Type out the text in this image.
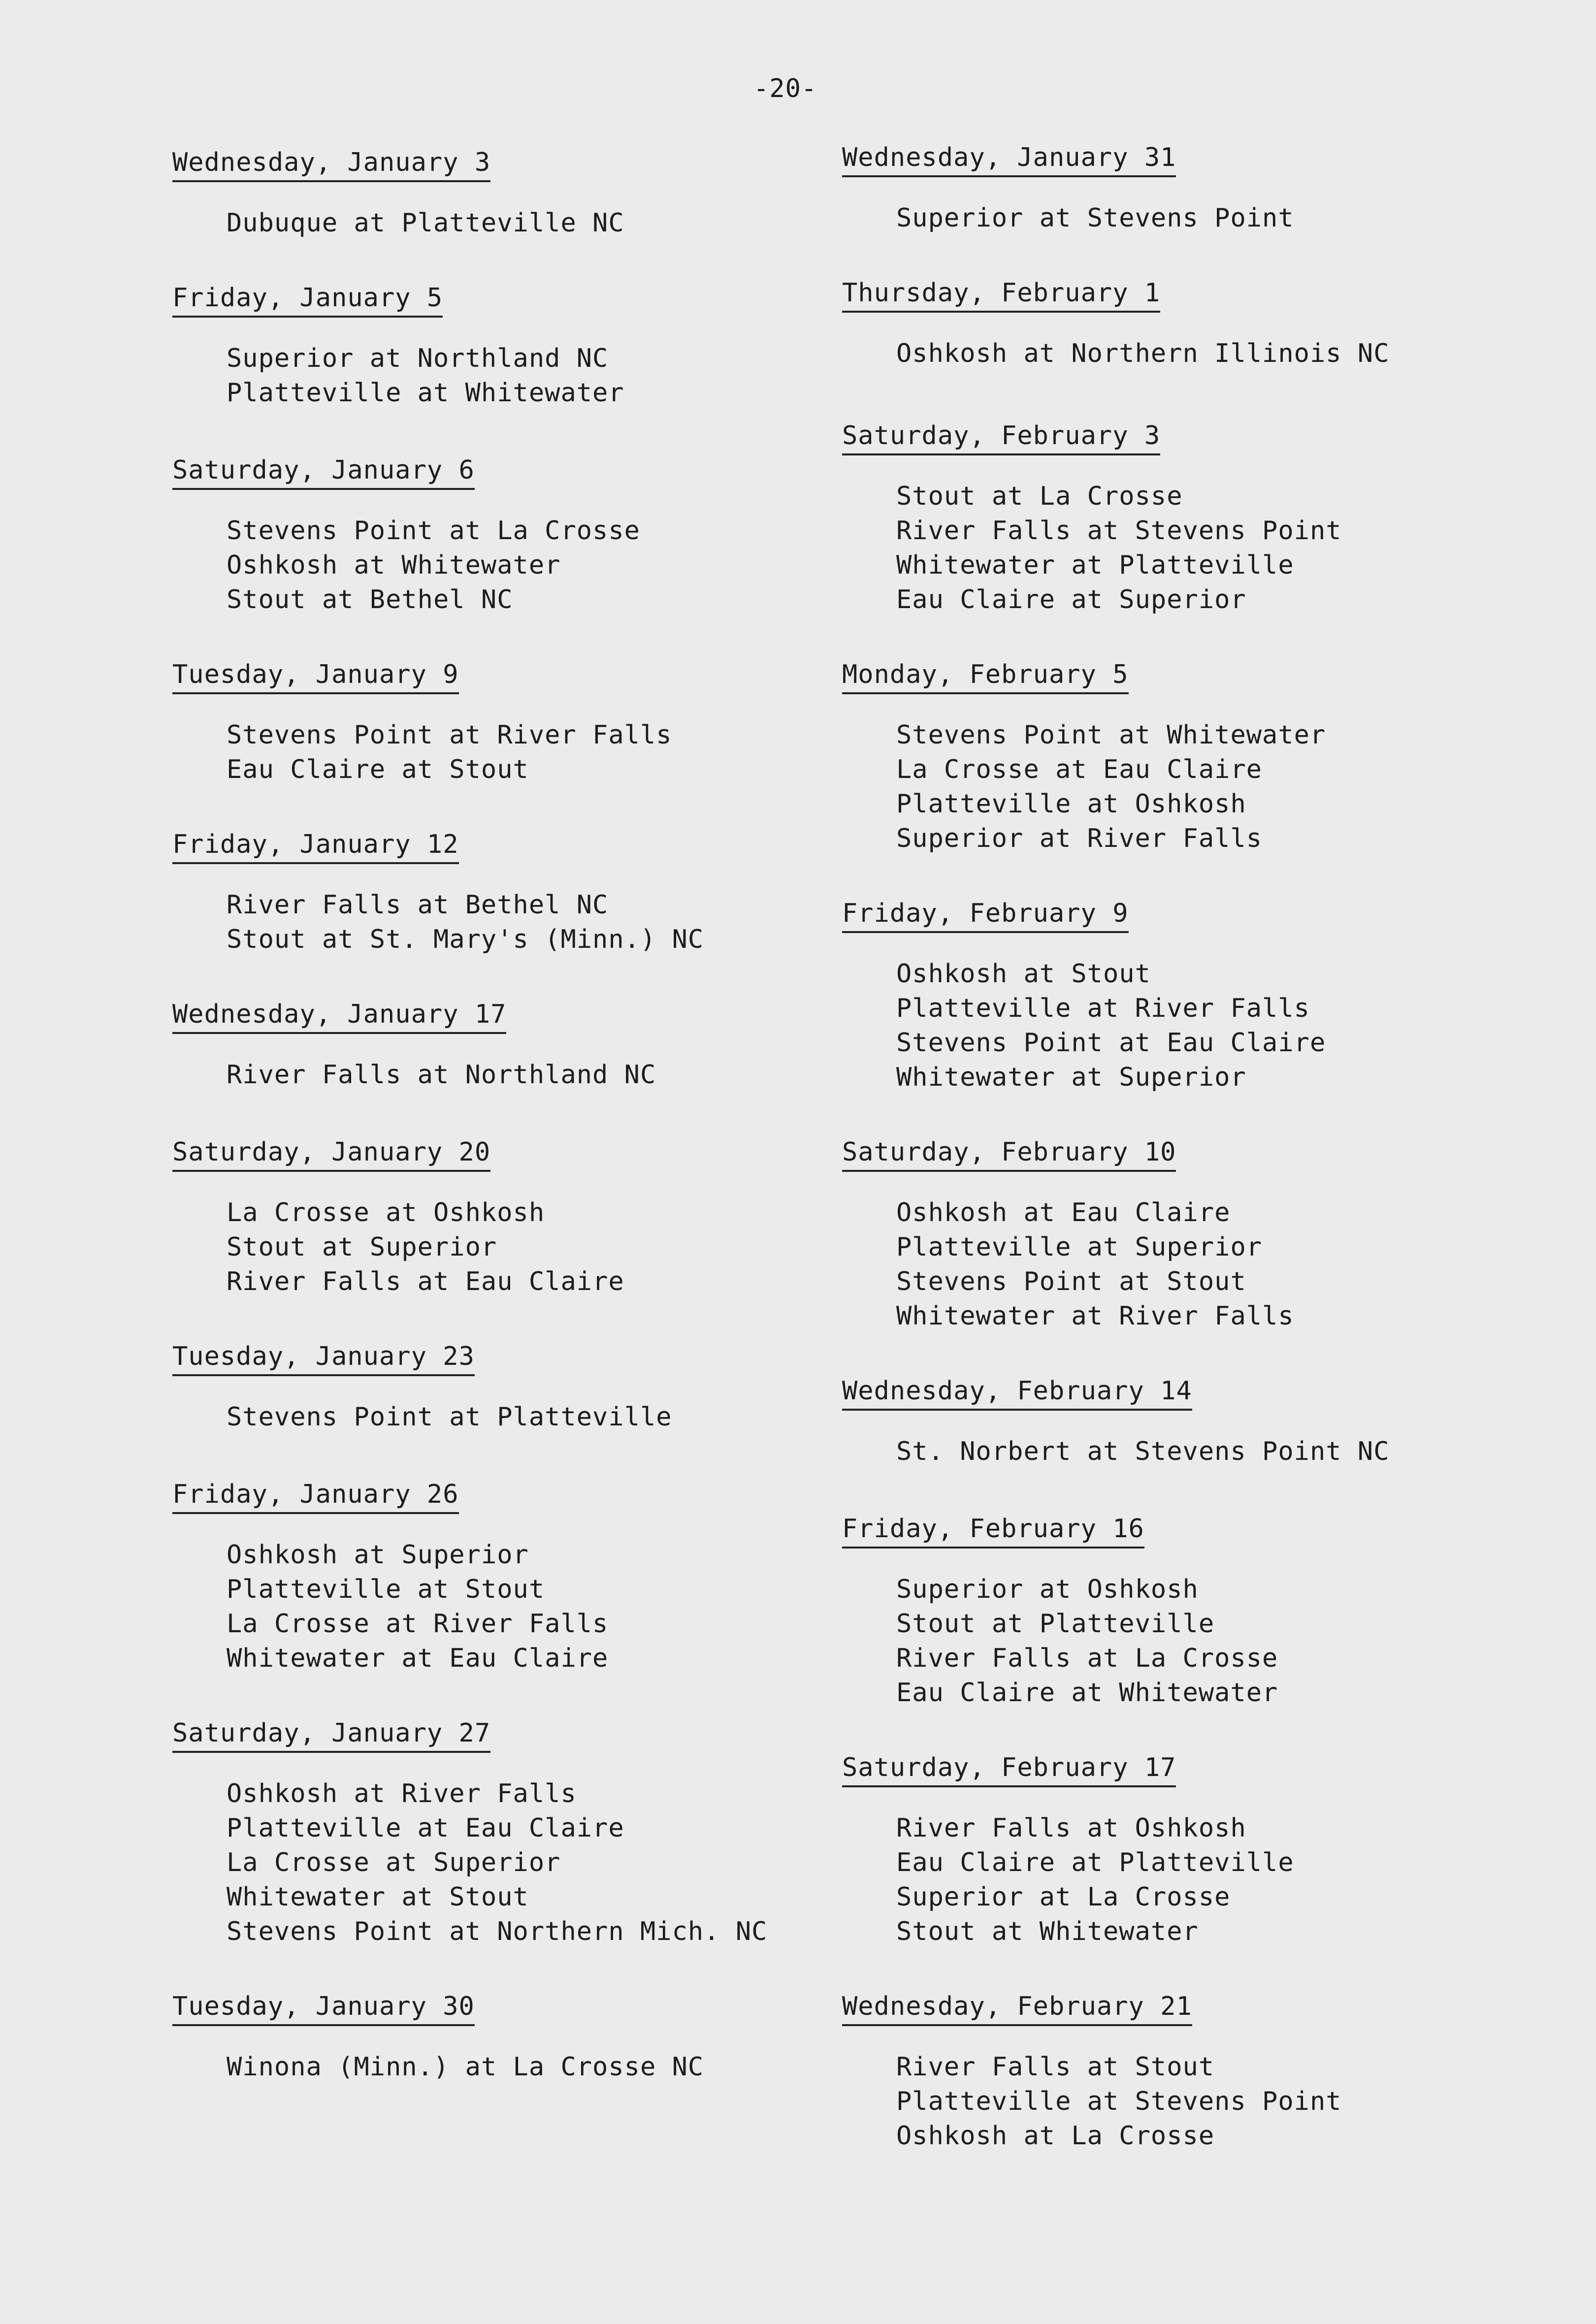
-20-
Wednesday, January 3
Dubuque at Platteville NC
Friday, January 5
Superior at Northland NC
Platteville at Whitewater
Saturday, January 6
Stevens Point at La Crosse
Oshkosh at Whitewater
Stout at Bethel NC
Tuesday, January 9
Stevens Point at River Falls
Eau Claire at Stout
Friday, January 12
River Falls at Bethel NC
Stout at St. Mary's (Minn.) NC
Wednesday, January 17
River Falls at Northland NC
Saturday, January 20
La Crosse at Oshkosh
Stout at Superior
River Falls at Eau Claire
Tuesday, January 23
Stevens Point at Platteville
Friday, January 26
Oshkosh at Superior
Platteville at Stout
La Crosse at River Falls
Whitewater at Eau Claire
Saturday, January 27
Oshkosh at River Falls
Platteville at Eau Claire
La Crosse at Superior
Whitewater at Stout
Stevens Point at Northern Mich. NC
Tuesday, January 30
Winona (Minn.) at La Crosse NC
Wednesday, January 31
Superior at Stevens Point
Thursday, February 1
Oshkosh at Northern Illinois NC
Saturday, February 3
Stout at La Crosse
River Falls at Stevens Point
Whitewater at Platteville
Eau Claire at Superior
Monday, February 5
Stevens Point at Whitewater
La Crosse at Eau Claire
Platteville at Oshkosh
Superior at River Falls
Friday, February 9
Oshkosh at Stout
Platteville at River Falls
Stevens Point at Eau Claire
Whitewater at Superior
Saturday, February 10
Oshkosh at Eau Claire
Platteville at Superior
Stevens Point at Stout
Whitewater at River Falls
Wednesday, February 14
St. Norbert at Stevens Point NC
Friday, February 16
Superior at Oshkosh
Stout at Platteville
River Falls at La Crosse
Eau Claire at Whitewater
Saturday, February 17
River Falls at Oshkosh
Eau Claire at Platteville
Superior at La Crosse
Stout at Whitewater
Wednesday, February 21
River Falls at Stout
Platteville at Stevens Point
Oshkosh at La Crosse
